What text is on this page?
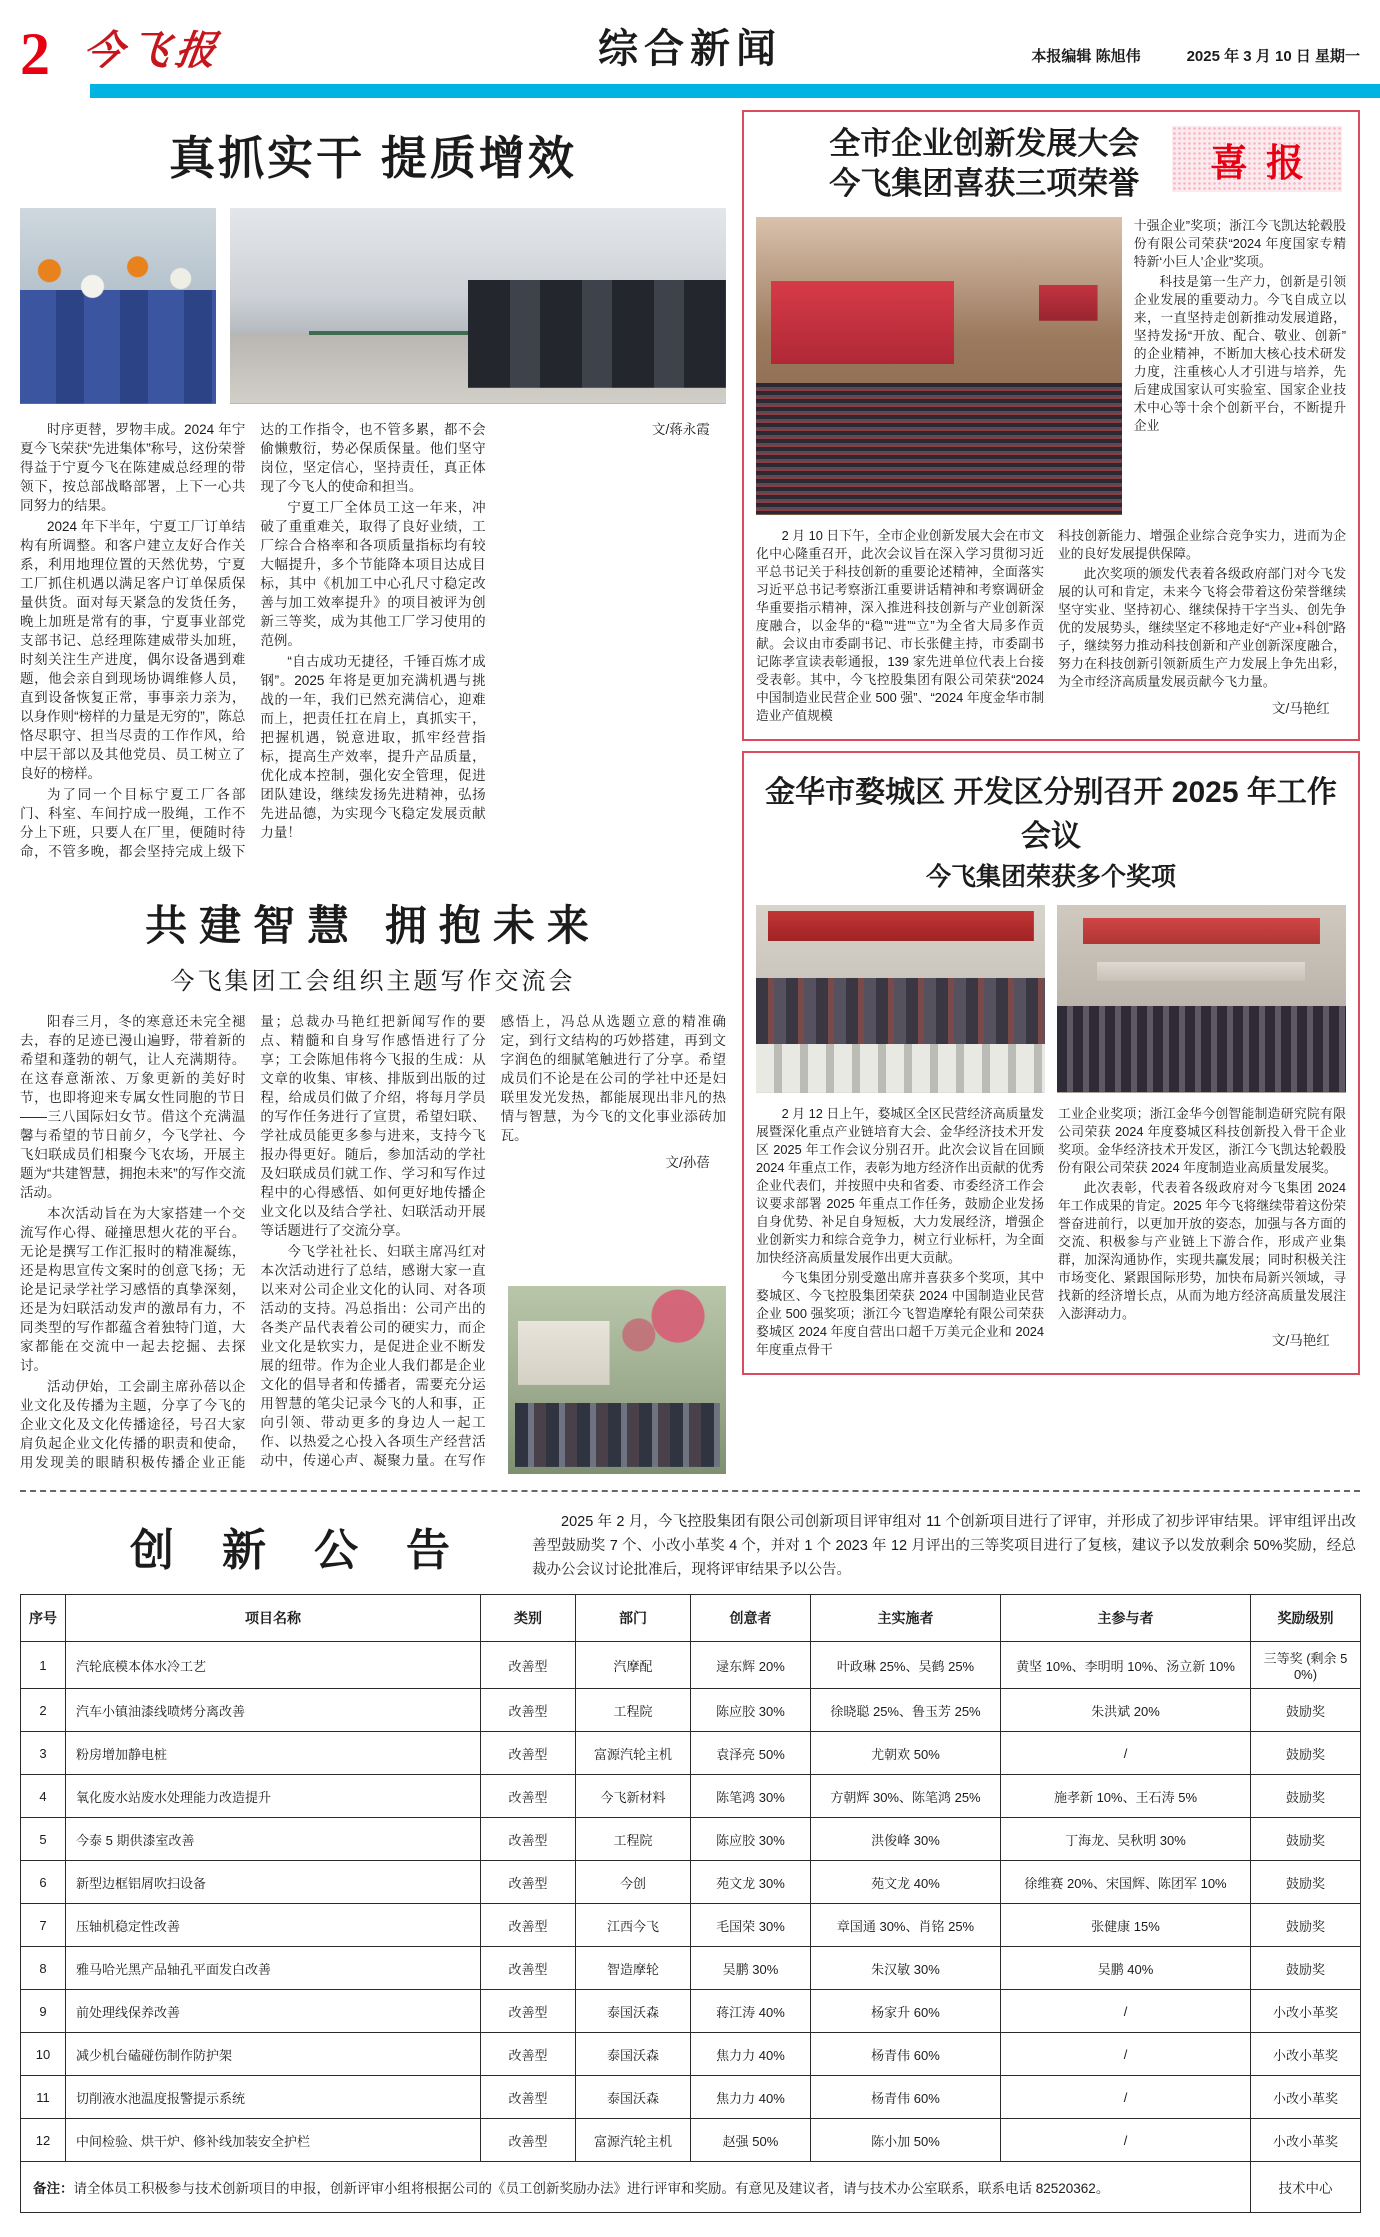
2 今飞报	综合新闻	本报编辑 陈旭伟	2025 年 3 月 10 日 星期一
真抓实干 提质增效

时序更替，罗物丰成。2024 年宁夏今飞荣获“先进集体”称号，这份荣誉得益于宁夏今飞在陈建威总经理的带领下，按总部战略部署，上下一心共同努力的结果。

2024 年下半年，宁夏工厂订单结构有所调整。和客户建立友好合作关系，利用地理位置的天然优势，宁夏工厂抓住机遇以满足客户订单保质保量供货。面对每天紧急的发货任务，晚上加班是常有的事，宁夏事业部党支部书记、总经理陈建威带头加班，时刻关注生产进度，偶尔设备遇到难题，他会亲自到现场协调维修人员，直到设备恢复正常，事事亲力亲为，以身作则“榜样的力量是无穷的”，陈总恪尽职守、担当尽责的工作作风，给中层干部以及其他党员、员工树立了良好的榜样。

为了同一个目标宁夏工厂各部门、科室、车间拧成一股绳，工作不分上下班，只要人在厂里，便随时待命，不管多晚，都会坚持完成上级下达的工作指令，也不管多累，都不会偷懒敷衍，势必保质保量。他们坚守岗位，坚定信心，坚持责任，真正体现了今飞人的使命和担当。

宁夏工厂全体员工这一年来，冲破了重重难关，取得了良好业绩，工厂综合合格率和各项质量指标均有较大幅提升，多个节能降本项目达成目标，其中《机加工中心孔尺寸稳定改善与加工效率提升》的项目被评为创新三等奖，成为其他工厂学习使用的范例。

“自古成功无捷径，千锤百炼才成钢”。2025 年将是更加充满机遇与挑战的一年，我们已然充满信心，迎难而上，把责任扛在肩上，真抓实干，把握机遇，锐意进取，抓牢经营指标，提高生产效率，提升产品质量，优化成本控制，强化安全管理，促进团队建设，继续发扬先进精神，弘扬先进品德，为实现今飞稳定发展贡献力量！

文/蒋永霞

共建智慧 拥抱未来
今飞集团工会组织主题写作交流会

阳春三月，冬的寒意还未完全褪去，春的足迹已漫山遍野，带着新的希望和蓬勃的朝气，让人充满期待。在这春意渐浓、万象更新的美好时节，也即将迎来专属女性同胞的节日——三八国际妇女节。借这个充满温馨与希望的节日前夕，今飞学社、今飞妇联成员们相聚今飞农场，开展主题为“共建智慧，拥抱未来”的写作交流活动。

本次活动旨在为大家搭建一个交流写作心得、碰撞思想火花的平台。无论是撰写工作汇报时的精准凝练，还是构思宣传文案时的创意飞扬；无论是记录学社学习感悟的真挚深刻，还是为妇联活动发声的激昂有力，不同类型的写作都蕴含着独特门道，大家都能在交流中一起去挖掘、去探讨。

活动伊始，工会副主席孙蓓以企业文化及传播为主题，分享了今飞的企业文化及文化传播途径，号召大家肩负起企业文化传播的职责和使命，用发现美的眼睛积极传播企业正能量；总裁办马艳红把新闻写作的要点、精髓和自身写作感悟进行了分享；工会陈旭伟将今飞报的生成：从文章的收集、审核、排版到出版的过程，给成员们做了介绍，将每月学员的写作任务进行了宣贯，希望妇联、学社成员能更多参与进来，支持今飞报办得更好。随后，参加活动的学社及妇联成员们就工作、学习和写作过程中的心得感悟、如何更好地传播企业文化以及结合学社、妇联活动开展等话题进行了交流分享。

今飞学社社长、妇联主席冯红对本次活动进行了总结，感谢大家一直以来对公司企业文化的认同、对各项活动的支持。冯总指出：公司产出的各类产品代表着公司的硬实力，而企业文化是软实力，是促进企业不断发展的纽带。作为企业人我们都是企业文化的倡导者和传播者，需要充分运用智慧的笔尖记录今飞的人和事，正向引领、带动更多的身边人一起工作、以热爱之心投入各项生产经营活动中，传递心声、凝聚力量。在写作感悟上，冯总从选题立意的精准确定，到行文结构的巧妙搭建，再到文字润色的细腻笔触进行了分享。希望成员们不论是在公司的学社中还是妇联里发光发热，都能展现出非凡的热情与智慧，为今飞的文化事业添砖加瓦。

文/孙蓓

喜报
全市企业创新发展大会
今飞集团喜获三项荣誉

十强企业”奖项；浙江今飞凯达轮毂股份有限公司荣获“2024 年度国家专精特新‘小巨人’企业”奖项。

科技是第一生产力，创新是引领企业发展的重要动力。今飞自成立以来，一直坚持走创新推动发展道路，坚持发扬“开放、配合、敬业、创新”的企业精神，不断加大核心技术研发力度，注重核心人才引进与培养，先后建成国家认可实验室、国家企业技术中心等十余个创新平台，不断提升企业

2 月 10 日下午，全市企业创新发展大会在市文化中心隆重召开，此次会议旨在深入学习贯彻习近平总书记关于科技创新的重要论述精神，全面落实习近平总书记考察浙江重要讲话精神和考察调研金华重要指示精神，深入推进科技创新与产业创新深度融合，以金华的“稳”“进”“立”为全省大局多作贡献。会议由市委副书记、市长张健主持，市委副书记陈孝宣读表彰通报，139 家先进单位代表上台接受表彰。其中，今飞控股集团有限公司荣获“2024 中国制造业民营企业 500 强”、“2024 年度金华市制造业产值规模

科技创新能力、增强企业综合竞争实力，进而为企业的良好发展提供保障。

此次奖项的颁发代表着各级政府部门对今飞发展的认可和肯定，未来今飞将会带着这份荣誉继续坚守实业、坚持初心、继续保持干字当头、创先争优的发展势头，继续坚定不移地走好“产业+科创”路子，继续努力推动科技创新和产业创新深度融合，努力在科技创新引领新质生产力发展上争先出彩，为全市经济高质量发展贡献今飞力量。

文/马艳红

金华市婺城区 开发区分别召开 2025 年工作会议
今飞集团荣获多个奖项

2 月 12 日上午，婺城区全区民营经济高质量发展暨深化重点产业链培育大会、金华经济技术开发区 2025 年工作会议分别召开。此次会议旨在回顾 2024 年重点工作，表彰为地方经济作出贡献的优秀企业代表们，并按照中央和省委、市委经济工作会议要求部署 2025 年重点工作任务，鼓励企业发扬自身优势、补足自身短板，大力发展经济，增强企业创新实力和综合竞争力，树立行业标杆，为全面加快经济高质量发展作出更大贡献。

今飞集团分别受邀出席并喜获多个奖项，其中婺城区、今飞控股集团荣获 2024 中国制造业民营企业 500 强奖项；浙江今飞智造摩轮有限公司荣获婺城区 2024 年度自营出口超千万美元企业和 2024 年度重点骨干

工业企业奖项；浙江金华今创智能制造研究院有限公司荣获 2024 年度婺城区科技创新投入骨干企业奖项。金华经济技术开发区，浙江今飞凯达轮毂股份有限公司荣获 2024 年度制造业高质量发展奖。

此次表彰，代表着各级政府对今飞集团 2024 年工作成果的肯定。2025 年今飞将继续带着这份荣誉奋进前行，以更加开放的姿态，加强与各方面的交流、积极参与产业链上下游合作，形成产业集群，加深沟通协作，实现共赢发展；同时积极关注市场变化、紧跟国际形势，加快布局新兴领域，寻找新的经济增长点，从而为地方经济高质量发展注入澎湃动力。

文/马艳红

创新公告

2025 年 2 月，今飞控股集团有限公司创新项目评审组对 11 个创新项目进行了评审，并形成了初步评审结果。评审组评出改善型鼓励奖 7 个、小改小革奖 4 个，并对 1 个 2023 年 12 月评出的三等奖项目进行了复核，建议予以发放剩余 50%奖励，经总裁办公会议讨论批准后，现将评审结果予以公告。

序号	项目名称	类别	部门	创意者	主实施者	主参与者	奖励级别
1	汽轮底模本体水冷工艺	改善型	汽摩配	逯东辉 20%	叶政琳 25%、吴鹤 25%	黄坚 10%、李明明 10%、汤立新 10%	三等奖 (剩余 50%)
2	汽车小镇油漆线喷烤分离改善	改善型	工程院	陈应胶 30%	徐晓聪 25%、鲁玉芳 25%	朱洪斌 20%	鼓励奖
3	粉房增加静电桩	改善型	富源汽轮主机	袁泽亮 50%	尤朝欢 50%	/	鼓励奖
4	氧化废水站废水处理能力改造提升	改善型	今飞新材料	陈笔鸿 30%	方朝辉 30%、陈笔鸿 25%	施孝新 10%、王石涛 5%	鼓励奖
5	今泰 5 期供漆室改善	改善型	工程院	陈应胶 30%	洪俊峰 30%	丁海龙、吴秋明 30%	鼓励奖
6	新型边框铝屑吹扫设备	改善型	今创	苑文龙 30%	苑文龙 40%	徐维赛 20%、宋国辉、陈团军 10%	鼓励奖
7	压轴机稳定性改善	改善型	江西今飞	毛国荣 30%	章国通 30%、肖铭 25%	张健康 15%	鼓励奖
8	雅马哈光黑产品轴孔平面发白改善	改善型	智造摩轮	吴鹏 30%	朱汉敏 30%	吴鹏 40%	鼓励奖
9	前处理线保养改善	改善型	泰国沃森	蒋江涛 40%	杨家升 60%	/	小改小革奖
10	减少机台磕碰伤制作防护架	改善型	泰国沃森	焦力力 40%	杨青伟 60%	/	小改小革奖
11	切削液水池温度报警提示系统	改善型	泰国沃森	焦力力 40%	杨青伟 60%	/	小改小革奖
12	中间检验、烘干炉、修补线加装安全护栏	改善型	富源汽轮主机	赵强 50%	陈小加 50%	/	小改小革奖
备注：请全体员工积极参与技术创新项目的申报，创新评审小组将根据公司的《员工创新奖励办法》进行评审和奖励。有意见及建议者，请与技术办公室联系，联系电话 82520362。							技术中心
